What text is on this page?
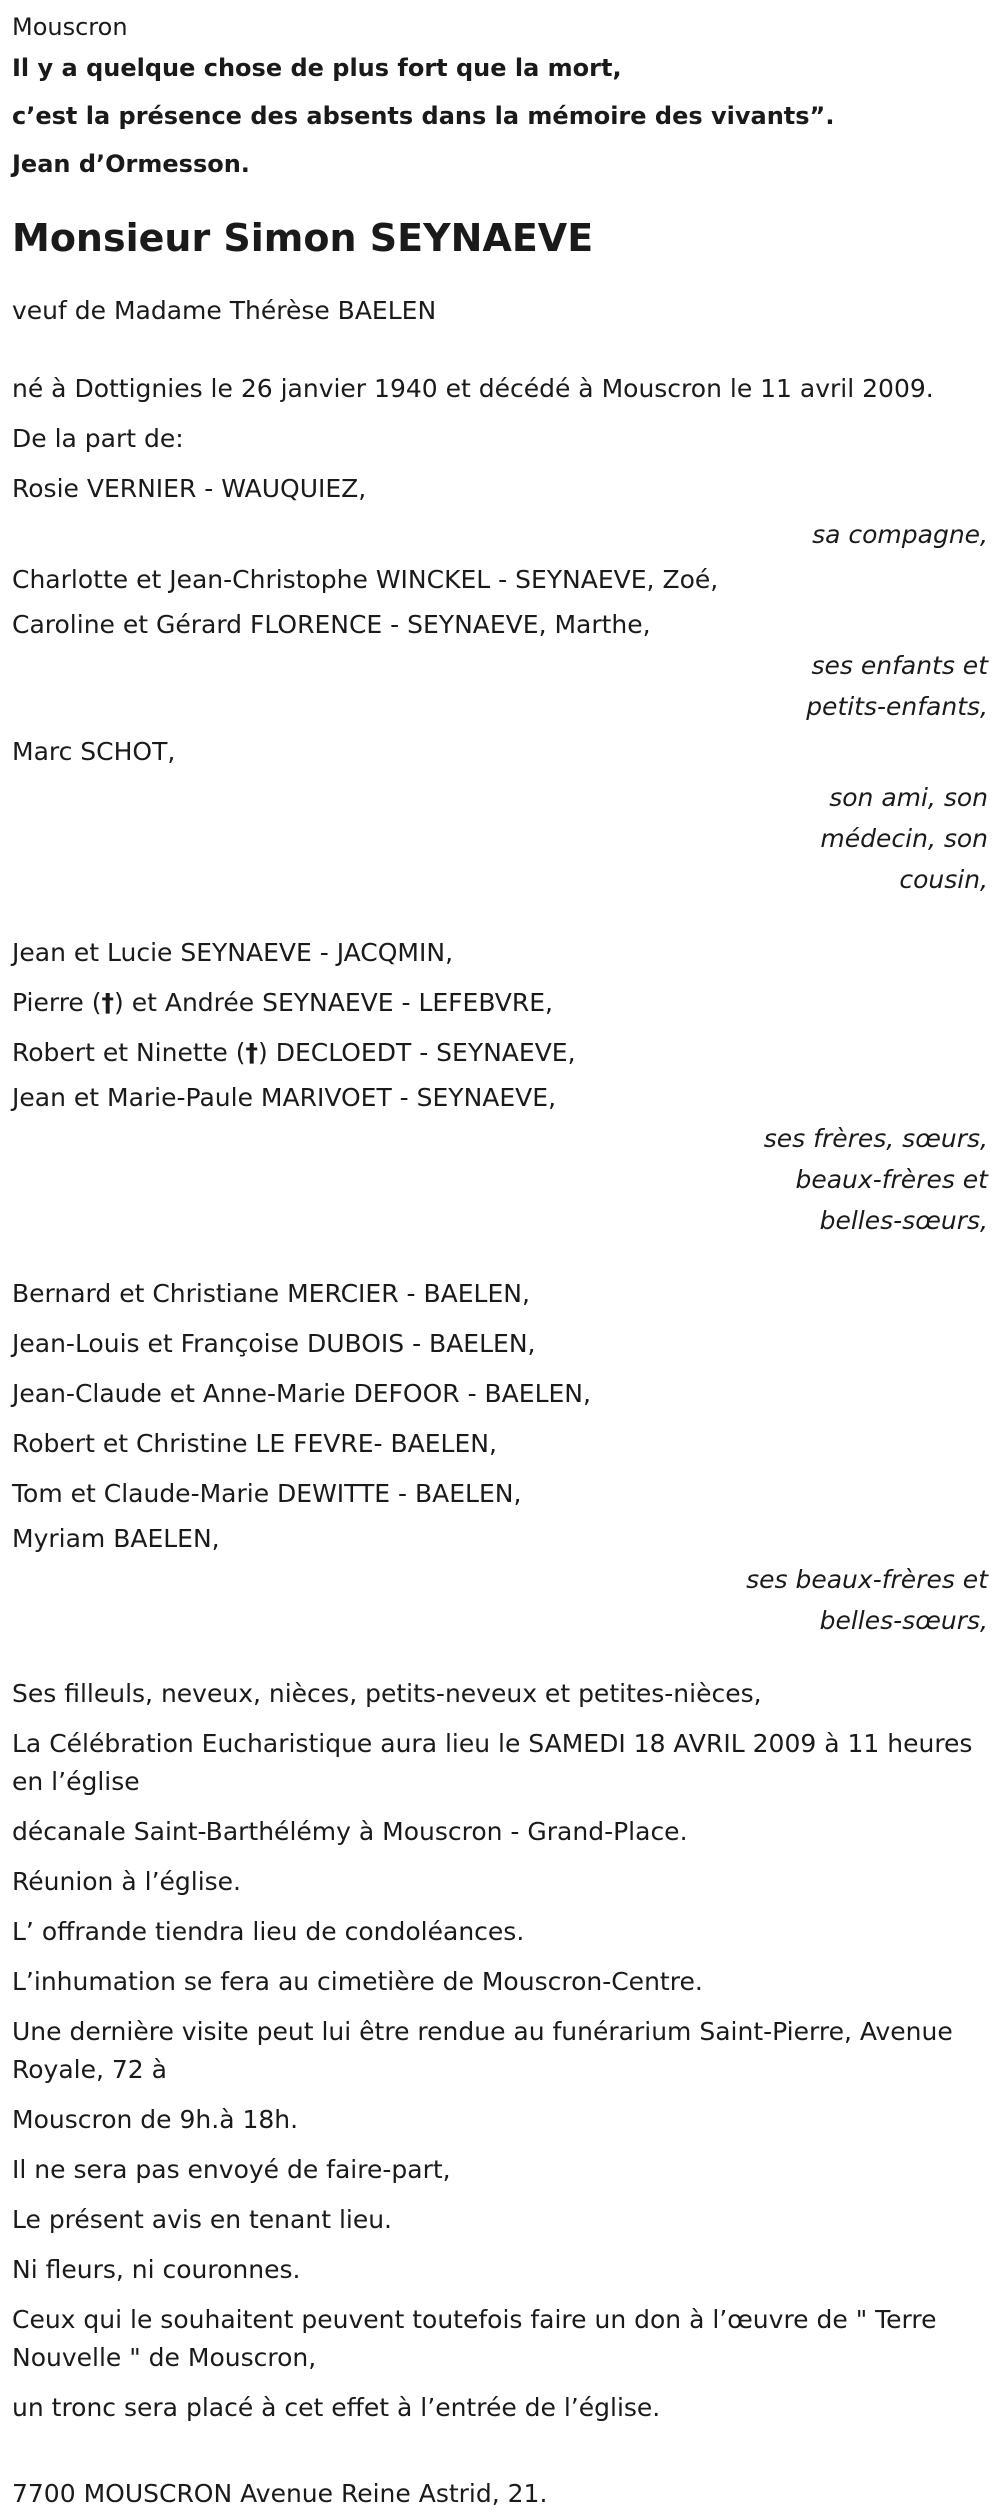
Mouscron

Il y a quelque chose de plus fort que la mort,

c’est la présence des absents dans la mémoire des vivants”.

Jean d’Ormesson.

Monsieur Simon SEYNAEVE

veuf de Madame Thérèse BAELEN

né à Dottignies le 26 janvier 1940 et décédé à Mouscron le 11 avril 2009.

De la part de:

Rosie VERNIER - WAUQUIEZ,

sa compagne,

Charlotte et Jean-Christophe WINCKEL - SEYNAEVE, Zoé,

Caroline et Gérard FLORENCE - SEYNAEVE, Marthe,

ses enfants et petits-enfants,

Marc SCHOT,

son ami, son médecin, son cousin,

Jean et Lucie SEYNAEVE - JACQMIN,

Pierre (†) et Andrée SEYNAEVE - LEFEBVRE,

Robert et Ninette (†) DECLOEDT - SEYNAEVE,

Jean et Marie-Paule MARIVOET - SEYNAEVE,

ses frères, sœurs, beaux-frères et belles-sœurs,

Bernard et Christiane MERCIER - BAELEN,

Jean-Louis et Françoise DUBOIS - BAELEN,

Jean-Claude et Anne-Marie DEFOOR - BAELEN,

Robert et Christine LE FEVRE- BAELEN,

Tom et Claude-Marie DEWITTE - BAELEN,

Myriam BAELEN,

ses beaux-frères et belles-sœurs,

Ses filleuls, neveux, nièces, petits-neveux et petites-nièces,

La Célébration Eucharistique aura lieu le SAMEDI 18 AVRIL 2009 à 11 heures en l’église

décanale Saint-Barthélémy à Mouscron - Grand-Place.

Réunion à l’église.

L’ offrande tiendra lieu de condoléances.

L’inhumation se fera au cimetière de Mouscron-Centre.

Une dernière visite peut lui être rendue au funérarium Saint-Pierre, Avenue Royale, 72 à

Mouscron de 9h.à 18h.

Il ne sera pas envoyé de faire-part,

Le présent avis en tenant lieu.

Ni fleurs, ni couronnes.

Ceux qui le souhaitent peuvent toutefois faire un don à l’œuvre de " Terre Nouvelle " de Mouscron,

un tronc sera placé à cet effet à l’entrée de l’église.

7700 MOUSCRON Avenue Reine Astrid, 21.
